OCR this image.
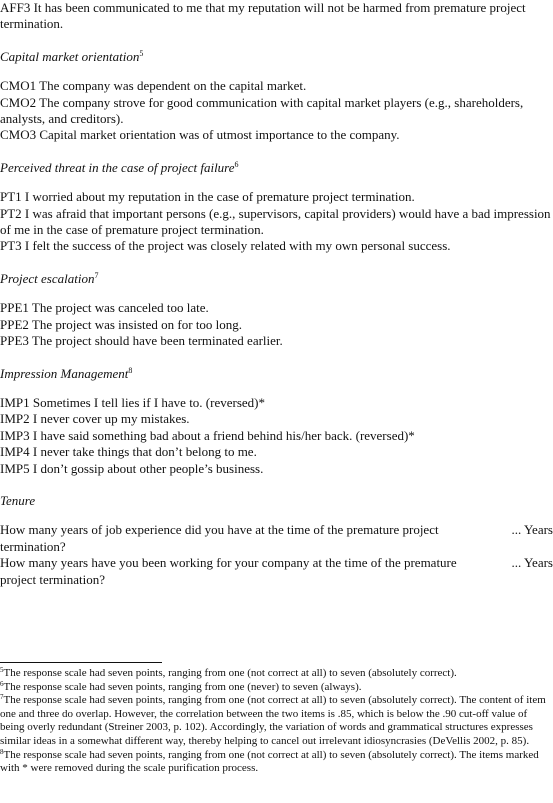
AFF3 It has been communicated to me that my reputation will not be harmed from premature project termination.

Capital market orientation$^5$

CMO1 The company was dependent on the capital market.

CMO2 The company strove for good communication with capital market players (e.g., shareholders, analysts, and creditors).

CMO3 Capital market orientation was of utmost importance to the company.

Perceived threat in the case of project failure$^6$

PT1 I worried about my reputation in the case of premature project termination.

PT2 I was afraid that important persons (e.g., supervisors, capital providers) would have a bad impression of me in the case of premature project termination.

PT3 I felt the success of the project was closely related with my own personal success.

Project escalation$^7$

PPE1 The project was canceled too late.

PPE2 The project was insisted on for too long.

PPE3 The project should have been terminated earlier.

Impression Management$^8$

IMP1 Sometimes I tell lies if I have to. (reversed)*

IMP2 I never cover up my mistakes.

IMP3 I have said something bad about a friend behind his/her back. (reversed)*

IMP4 I never take things that don’t belong to me.

IMP5 I don’t gossip about other people’s business.

Tenure

How many years of job experience did you have at the time of the premature project termination?
... Years
How many years have you been working for your company at the time of the premature project termination?
... Years

$^5$The response scale had seven points, ranging from one (not correct at all) to seven (absolutely correct).

$^6$The response scale had seven points, ranging from one (never) to seven (always).

$^7$The response scale had seven points, ranging from one (not correct at all) to seven (absolutely correct). The content of item one and three do overlap. However, the correlation between the two items is .85, which is below the .90 cut-off value of being overly redundant (Streiner 2003, p. 102). Accordingly, the variation of words and grammatical structures expresses similar ideas in a somewhat different way, thereby helping to cancel out irrelevant idiosyncrasies (DeVellis 2002, p. 85).

$^8$The response scale had seven points, ranging from one (not correct at all) to seven (absolutely correct). The items marked with * were removed during the scale purification process.
